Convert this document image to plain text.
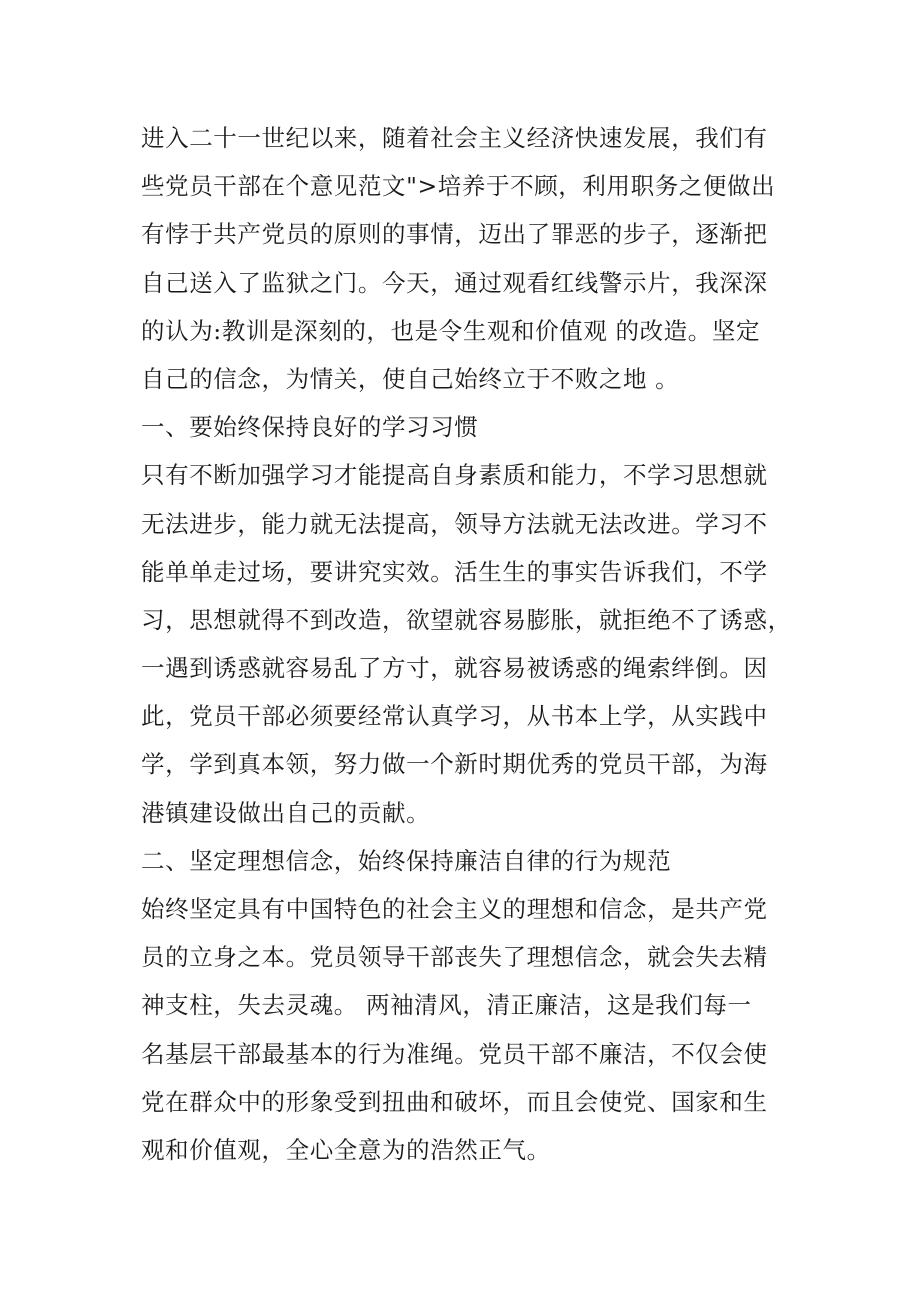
进入二十一世纪以来，随着社会主义经济快速发展，我们有
些党员干部在个意见范文">培养于不顾，利用职务之便做出
有悖于共产党员的原则的事情，迈出了罪恶的步子，逐渐把
自己送入了监狱之门。今天，通过观看红线警示片，我深深
的认为:教训是深刻的，也是令生观和价值观 的改造。坚定
自己的信念，为情关，使自己始终立于不败之地 。
一、要始终保持良好的学习习惯
只有不断加强学习才能提高自身素质和能力，不学习思想就
无法进步，能力就无法提高，领导方法就无法改进。学习不
能单单走过场，要讲究实效。活生生的事实告诉我们，不学
习，思想就得不到改造，欲望就容易膨胀，就拒绝不了诱惑，
一遇到诱惑就容易乱了方寸，就容易被诱惑的绳索绊倒。因
此，党员干部必须要经常认真学习，从书本上学，从实践中
学，学到真本领，努力做一个新时期优秀的党员干部，为海
港镇建设做出自己的贡献。
二、坚定理想信念，始终保持廉洁自律的行为规范
始终坚定具有中国特色的社会主义的理想和信念，是共产党
员的立身之本。党员领导干部丧失了理想信念，就会失去精
神支柱，失去灵魂。 两袖清风，清正廉洁，这是我们每一
名基层干部最基本的行为准绳。党员干部不廉洁，不仅会使
党在群众中的形象受到扭曲和破坏，而且会使党、国家和生
观和价值观，全心全意为的浩然正气。
